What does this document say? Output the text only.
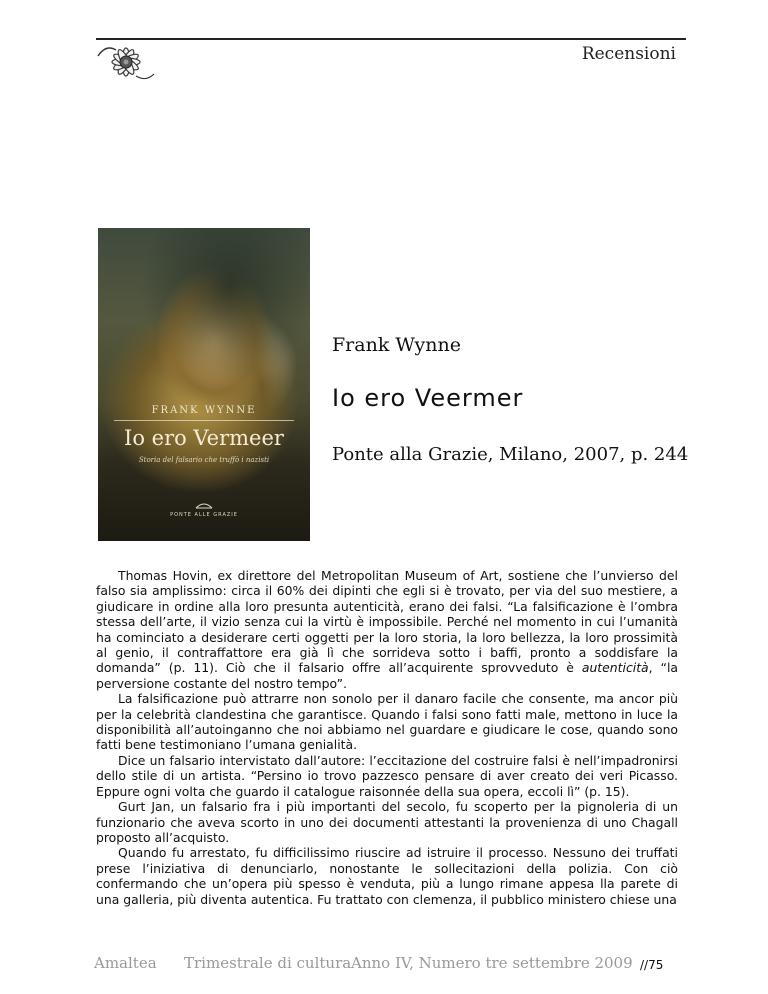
Recensioni
FRANK WYNNE
Io ero Vermeer
Storia del falsario che truffò i nazisti
PONTE ALLE GRAZIE
Frank Wynne
Io ero Veermer
Ponte alla Grazie, Milano, 2007, p. 244

Thomas Hovin, ex direttore del Metropolitan Museum of Art, sostiene che l’unvierso del falso sia amplissimo: circa il 60% dei dipinti che egli si è trovato, per via del suo mestiere, a giudicare in ordine alla loro presunta autenticità, erano dei falsi. “La falsificazione è l’ombra stessa dell’arte, il vizio senza cui la virtù è impossibile. Perché nel momento in cui l’umanità ha cominciato a desiderare certi oggetti per la loro storia, la loro bellezza, la loro prossimità al genio, il contraffattore era già lì che sorrideva sotto i baffi, pronto a soddisfare la domanda” (p. 11). Ciò che il falsario offre all’acquirente sprovveduto è autenticità, “la perversione costante del nostro tempo”.

La falsificazione può attrarre non sonolo per il danaro facile che consente, ma ancor più per la celebrità clandestina che garantisce. Quando i falsi sono fatti male, mettono in luce la disponibilità all’autoinganno che noi abbiamo nel guardare e giudicare le cose, quando sono fatti bene testimoniano l’umana genialità.

Dice un falsario intervistato dall’autore: l’eccitazione del costruire falsi è nell’impadronirsi dello stile di un artista. “Persino io trovo pazzesco pensare di aver creato dei veri Picasso. Eppure ogni volta che guardo il catalogue raisonnée della sua opera, eccoli lì” (p. 15).

Gurt Jan, un falsario fra i più importanti del secolo, fu scoperto per la pignoleria di un funzionario che aveva scorto in uno dei documenti attestanti la provenienza di uno Chagall proposto all’acquisto.

Quando fu arrestato, fu difficilissimo riuscire ad istruire il processo. Nessuno dei truffati prese l’iniziativa di denunciarlo, nonostante le sollecitazioni della polizia. Con ciò confermando che un’opera più spesso è venduta, più a lungo rimane appesa lla parete di una galleria, più diventa autentica. Fu trattato con clemenza, il pubblico ministero chiese una

Amaltea Trimestrale di cultura Anno IV, Numero tre settembre 2009 //75
